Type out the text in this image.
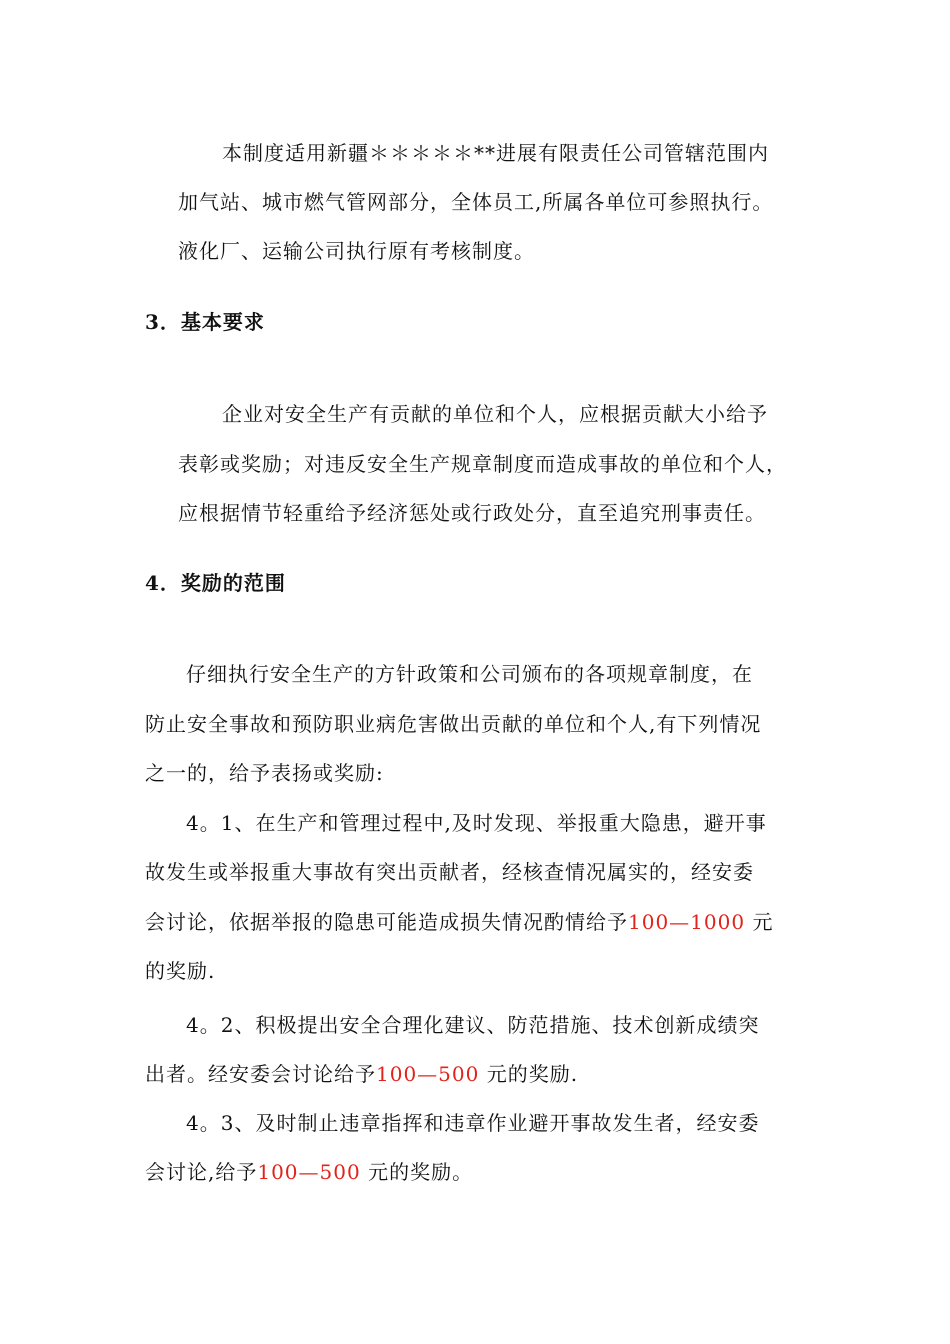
本制度适用新疆＊＊＊＊＊**进展有限责任公司管辖范围内
加气站、城市燃气管网部分，全体员工,所属各单位可参照执行。
液化厂、运输公司执行原有考核制度。
3．基本要求
企业对安全生产有贡献的单位和个人，应根据贡献大小给予
表彰或奖励；对违反安全生产规章制度而造成事故的单位和个人，
应根据情节轻重给予经济惩处或行政处分，直至追究刑事责任。
4．奖励的范围
仔细执行安全生产的方针政策和公司颁布的各项规章制度，在
防止安全事故和预防职业病危害做出贡献的单位和个人,有下列情况
之一的，给予表扬或奖励:
4。1、在生产和管理过程中,及时发现、举报重大隐患，避开事
故发生或举报重大事故有突出贡献者，经核查情况属实的，经安委
会讨论，依据举报的隐患可能造成损失情况酌情给予100—1000 元
的奖励.
4。2、积极提出安全合理化建议、防范措施、技术创新成绩突
出者。经安委会讨论给予100—500 元的奖励.
4。3、及时制止违章指挥和违章作业避开事故发生者，经安委
会讨论,给予100—500 元的奖励。
